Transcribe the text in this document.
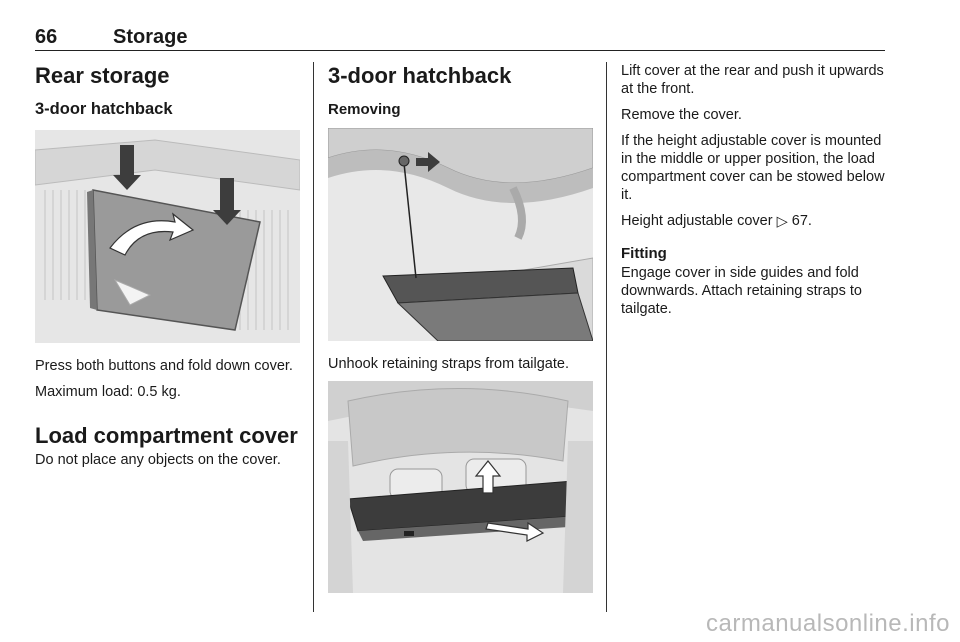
66	Storage
Rear storage
3-door hatchback

Press both buttons and fold down cover.

Maximum load: 0.5 kg.

Load compartment cover

Do not place any objects on the cover.

3-door hatchback
Removing

Unhook retaining straps from tailgate.

Lift cover at the rear and push it upwards at the front.

Remove the cover.

If the height adjustable cover is mounted in the middle or upper position, the load compartment cover can be stowed below it.

Height adjustable cover ▷ 67.

Fitting

Engage cover in side guides and fold downwards. Attach retaining straps to tailgate.

carmanualsonline.info
